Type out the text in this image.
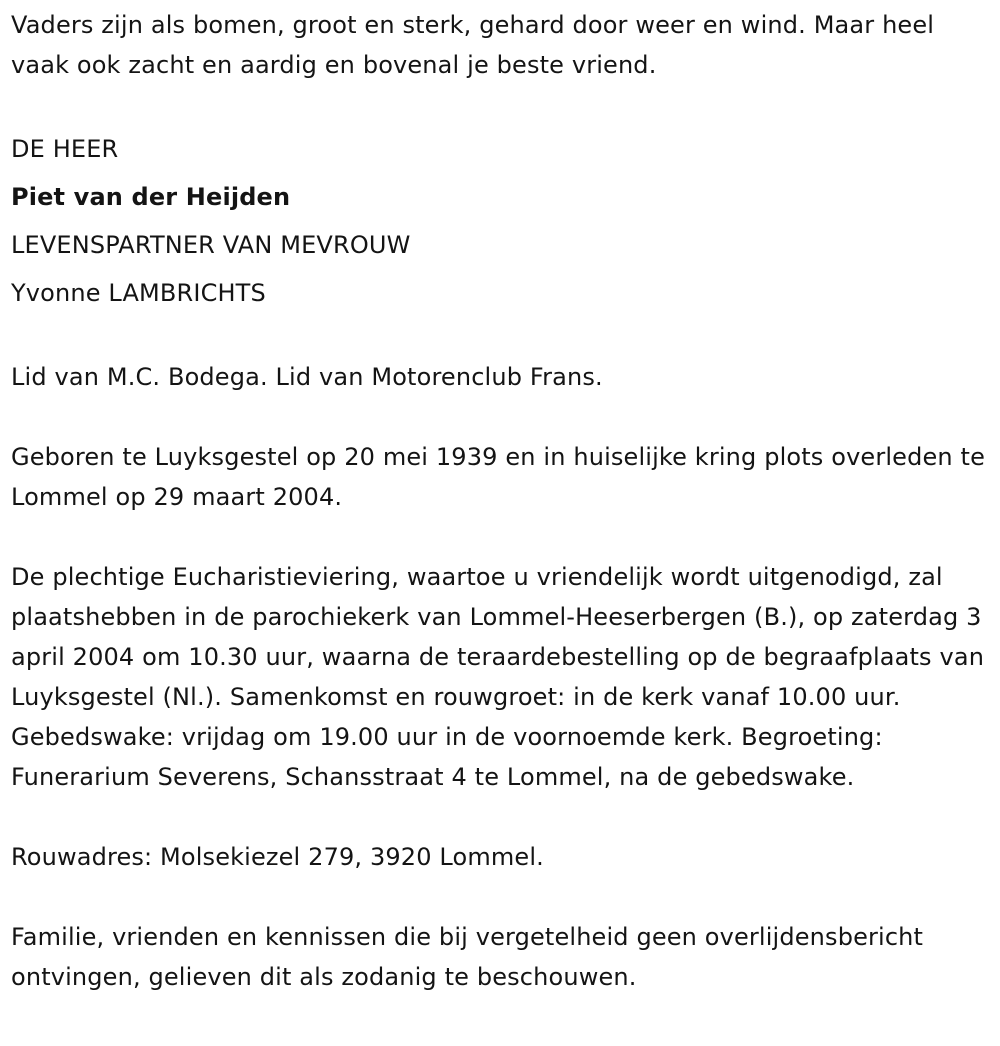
Vaders zijn als bomen, groot en sterk, gehard door weer en wind. Maar heel vaak ook zacht en aardig en bovenal je beste vriend.

DE HEER

Piet van der Heijden

LEVENSPARTNER VAN MEVROUW

Yvonne LAMBRICHTS

Lid van M.C. Bodega. Lid van Motorenclub Frans.

Geboren te Luyksgestel op 20 mei 1939 en in huiselijke kring plots overleden te Lommel op 29 maart 2004.

De plechtige Eucharistieviering, waartoe u vriendelijk wordt uitgenodigd, zal plaatshebben in de parochiekerk van Lommel-Heeserbergen (B.), op zaterdag 3 april 2004 om 10.30 uur, waarna de teraardebestelling op de begraafplaats van Luyksgestel (Nl.). Samenkomst en rouwgroet: in de kerk vanaf 10.00 uur. Gebedswake: vrijdag om 19.00 uur in de voornoemde kerk. Begroeting: Funerarium Severens, Schansstraat 4 te Lommel, na de gebedswake.

Rouwadres: Molsekiezel 279, 3920 Lommel.

Familie, vrienden en kennissen die bij vergetelheid geen overlijdensbericht ontvingen, gelieven dit als zodanig te beschouwen.
